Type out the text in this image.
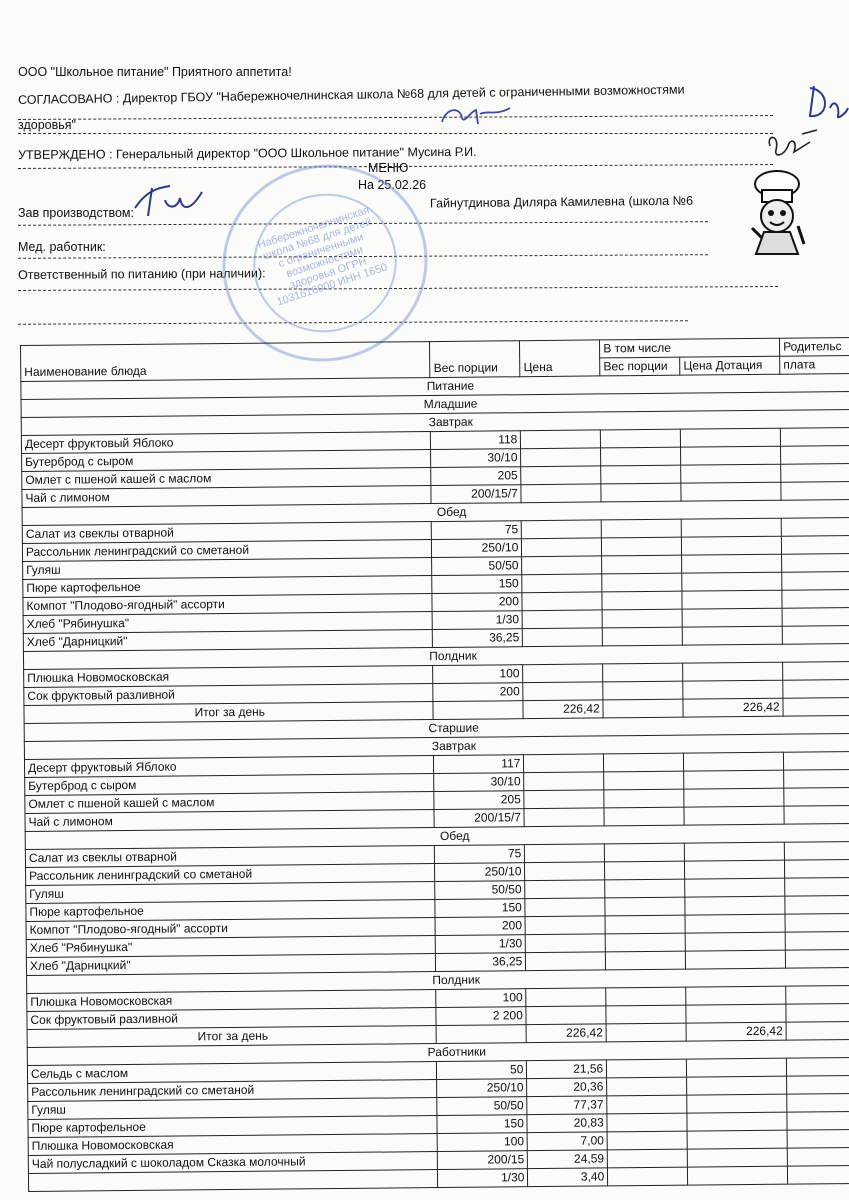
ООО "Школьное питание" Приятного аппетита!
СОГЛАСОВАНО : Директор ГБОУ "Набережночелнинская школа №68 для детей с ограниченными возможностями
здоровья"
УТВЕРЖДЕНО : Генеральный директор "ООО Школьное питание" Мусина Р.И.
МЕНЮ
На 25.02.26
Зав производством:
Гайнутдинова Диляра Камилевна (школа №6
Мед. работник:
Ответственный по питанию (при наличии):
Набережночелнинская школа №68 для детей с ограниченными возможностями здоровья ОГРН 1031616000 ИНН 1650
Наименование блюда	Вес порции	Цена	В том числе		Родительс
			Вес порции	Цена Дотация	плата
Питание					
Младшие					
Завтрак					
Десерт фруктовый Яблоко	118				
Бутерброд с сыром	30/10				
Омлет с пшеной кашей с маслом	205				
Чай с лимоном	200/15/7				
Обед					
Салат из свеклы отварной	75				
Рассольник ленинградский со сметаной	250/10				
Гуляш	50/50				
Пюре картофельное	150				
Компот "Плодово-ягодный" ассорти	200				
Хлеб "Рябинушка"	1/30				
Хлеб "Дарницкий"	36,25				
Полдник					
Плюшка Новомосковская	100				
Сок фруктовый разливной	200				
Итог за день		226,42		226,42	
Старшие					
Завтрак					
Десерт фруктовый Яблоко	117				
Бутерброд с сыром	30/10				
Омлет с пшеной кашей с маслом	205				
Чай с лимоном	200/15/7				
Обед					
Салат из свеклы отварной	75				
Рассольник ленинградский со сметаной	250/10				
Гуляш	50/50				
Пюре картофельное	150				
Компот "Плодово-ягодный" ассорти	200				
Хлеб "Рябинушка"	1/30				
Хлеб "Дарницкий"	36,25				
Полдник					
Плюшка Новомосковская	100				
Сок фруктовый разливной	2 200				
Итог за день		226,42		226,42	
Работники					
Сельдь с маслом	50	21,56			
Рассольник ленинградский со сметаной	250/10	20,36			
Гуляш	50/50	77,37			
Пюре картофельное	150	20,83			
Плюшка Новомосковская	100	7,00			
Чай полусладкий с шоколадом Сказка молочный	200/15	24,59			
	1/30	3,40			
